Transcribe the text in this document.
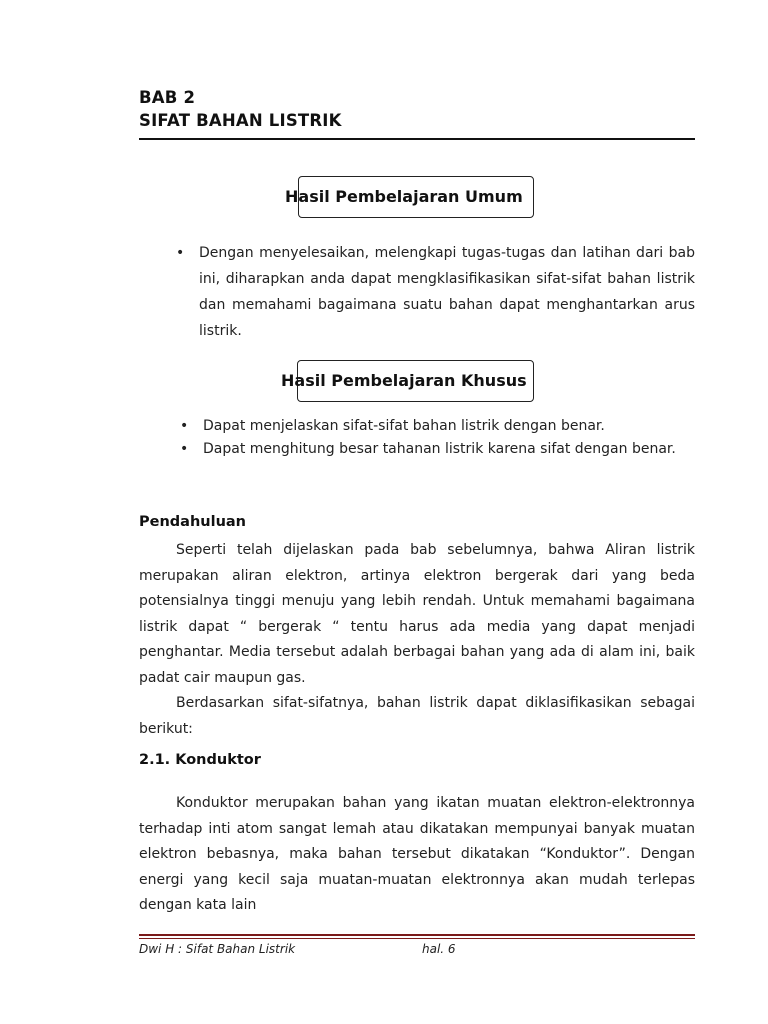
BAB 2
SIFAT BAHAN LISTRIK
Hasil Pembelajaran Umum
• Dengan menyelesaikan, melengkapi tugas-tugas dan latihan dari bab ini, diharapkan anda dapat mengklasifikasikan sifat-sifat bahan listrik dan memahami bagaimana suatu bahan dapat menghantarkan arus listrik.
Hasil Pembelajaran Khusus
• Dapat menjelaskan sifat-sifat bahan listrik dengan benar.
• Dapat menghitung besar tahanan listrik karena sifat dengan benar.
Pendahuluan

Seperti telah dijelaskan pada bab sebelumnya, bahwa Aliran listrik merupakan aliran elektron, artinya elektron bergerak dari yang beda potensialnya tinggi menuju yang lebih rendah. Untuk memahami bagaimana listrik dapat “ bergerak “ tentu harus ada media yang dapat menjadi penghantar. Media tersebut adalah berbagai bahan yang ada di alam ini, baik padat cair maupun gas.

Berdasarkan sifat-sifatnya, bahan listrik dapat diklasifikasikan sebagai berikut:

2.1. Konduktor

Konduktor merupakan bahan yang ikatan muatan elektron-elektronnya terhadap inti atom sangat lemah atau dikatakan mempunyai banyak muatan elektron bebasnya, maka bahan tersebut dikatakan “Konduktor”. Dengan energi yang kecil saja muatan-muatan elektronnya akan mudah terlepas dengan kata lain

Dwi H : Sifat Bahan Listrik	hal. 6
